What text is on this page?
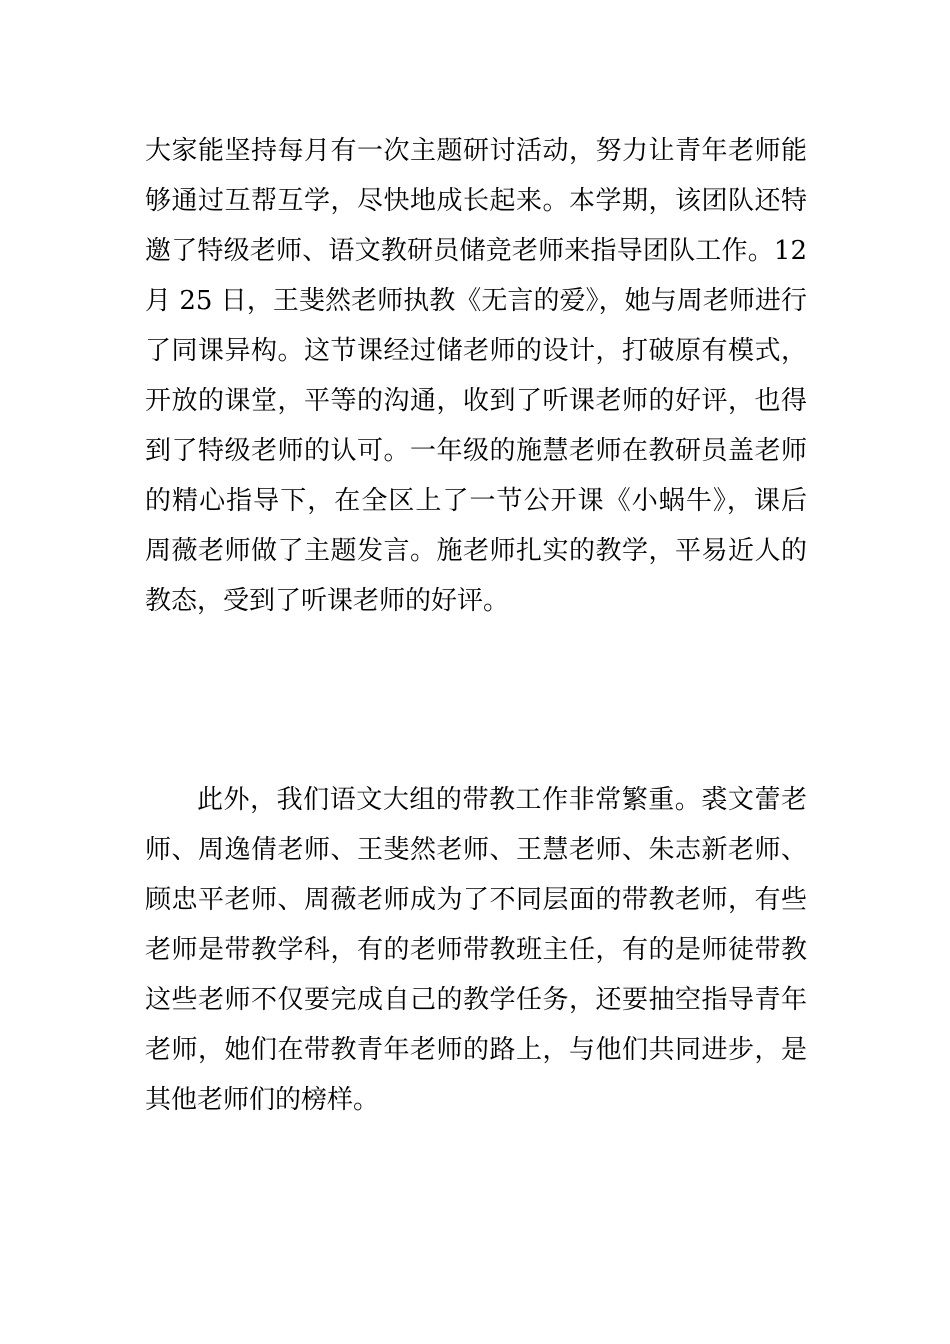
大家能坚持每月有一次主题研讨活动，努力让青年老师能
够通过互帮互学，尽快地成长起来。本学期，该团队还特
邀了特级老师、语文教研员储竞老师来指导团队工作。12
月 25 日，王斐然老师执教《无言的爱》，她与周老师进行
了同课异构。这节课经过储老师的设计，打破原有模式，
开放的课堂，平等的沟通，收到了听课老师的好评，也得
到了特级老师的认可。一年级的施慧老师在教研员盖老师
的精心指导下，在全区上了一节公开课《小蜗牛》，课后
周薇老师做了主题发言。施老师扎实的教学，平易近人的
教态，受到了听课老师的好评。
此外，我们语文大组的带教工作非常繁重。裘文蕾老
师、周逸倩老师、王斐然老师、王慧老师、朱志新老师、
顾忠平老师、周薇老师成为了不同层面的带教老师，有些
老师是带教学科，有的老师带教班主任，有的是师徒带教
这些老师不仅要完成自己的教学任务，还要抽空指导青年
老师，她们在带教青年老师的路上，与他们共同进步，是
其他老师们的榜样。
